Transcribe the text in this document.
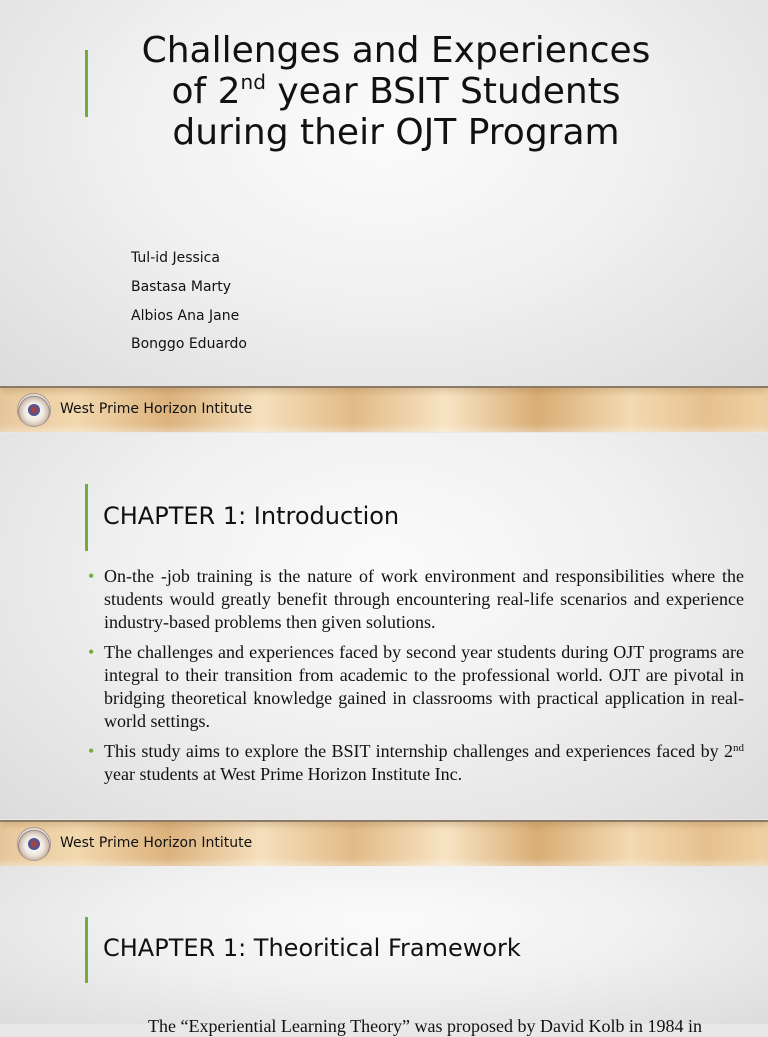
Challenges and Experiences
of 2nd year BSIT Students
during their OJT Program
Tul-id Jessica
Bastasa Marty
Albios Ana Jane
Bonggo Eduardo
West Prime Horizon Intitute
CHAPTER 1: Introduction
• On-the -job training is the nature of work environment and responsibilities where the students would greatly benefit through encountering real-life scenarios and experience industry-based problems then given solutions.
• The challenges and experiences faced by second year students during OJT programs are integral to their transition from academic to the professional world. OJT are pivotal in bridging theoretical knowledge gained in classrooms with practical application in real-world settings.
• This study aims to explore the BSIT internship challenges and experiences faced by 2nd year students at West Prime Horizon Institute Inc.
West Prime Horizon Intitute
CHAPTER 1: Theoritical Framework
The “Experiential Learning Theory” was proposed by David Kolb in 1984 in
